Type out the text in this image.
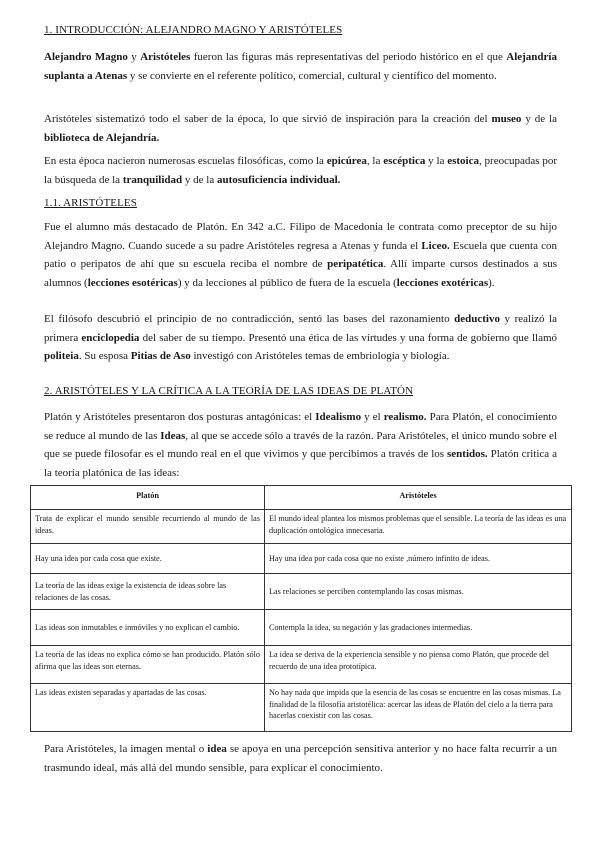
1. INTRODUCCIÓN: ALEJANDRO MAGNO Y ARISTÓTELES
Alejandro Magno y Aristóteles fueron las figuras más representativas del periodo histórico en el que Alejandría suplanta a Atenas y se convierte en el referente político, comercial, cultural y científico del momento.
Aristóteles sistematizó todo el saber de la época, lo que sirvió de inspiración para la creación del museo y de la biblioteca de Alejandría.
En esta época nacieron numerosas escuelas filosóficas, como la epicúrea, la escéptica y la estoica, preocupadas por la búsqueda de la tranquilidad y de la autosuficiencia individual.
1.1. ARISTÓTELES
Fue el alumno más destacado de Platón. En 342 a.C. Filipo de Macedonia le contrata como preceptor de su hijo Alejandro Magno. Cuando sucede a su padre Aristóteles regresa a Atenas y funda el Liceo. Escuela que cuenta con patio o peripatos de ahí que su escuela reciba el nombre de peripatética. Allí imparte cursos destinados a sus alumnos (lecciones esotéricas) y da lecciones al público de fuera de la escuela (lecciones exotéricas).
El filósofo descubrió el principio de no contradicción, sentó las bases del razonamiento deductivo y realizó la primera enciclopedia del saber de su tiempo. Presentó una ética de las virtudes y una forma de gobierno que llamó politeia. Su esposa Pitias de Aso investigó con Aristóteles temas de embriología y biología.
2. ARISTÓTELES Y LA CRÍTICA A LA TEORÍA DE LAS IDEAS DE PLATÓN
Platón y Aristóteles presentaron dos posturas antagónicas: el Idealismo y el realismo. Para Platón, el conocimiento se reduce al mundo de las Ideas, al que se accede sólo a través de la razón. Para Aristóteles, el único mundo sobre el que se puede filosofar es el mundo real en el que vivimos y que percibimos a través de los sentidos. Platón critica a la teoría platónica de las ideas:
Platón	Aristóteles
Trata de explicar el mundo sensible recurriendo al mundo de las ideas.	El mundo ideal plantea los mismos problemas que el sensible. La teoría de las ideas es una duplicación ontológica innecesaria.
Hay una idea por cada cosa que existe.	Hay una idea por cada cosa que no existe ,número infinito de ideas.
La teoría de las ideas exige la existencia de ideas sobre las relaciones de las cosas.	Las relaciones se perciben contemplando las cosas mismas.
Las ideas son inmutables e inmóviles y no explican el cambio.	Contempla la idea, su negación y las gradaciones intermedias.
La teoría de las ideas no explica cómo se han producido. Platón sólo afirma que las ideas son eternas.	La idea se deriva de la experiencia sensible y no piensa como Platón, que procede del recuerdo de una idea prototípica.
Las ideas existen separadas y apartadas de las cosas.	No hay nada que impida que la esencia de las cosas se encuentre en las cosas mismas. La finalidad de la filosofía aristotélica: acercar las ideas de Platón del cielo a la tierra para hacerlas coexistir con las cosas.
Para Aristóteles, la imagen mental o idea se apoya en una percepción sensitiva anterior y no hace falta recurrir a un trasmundo ideal, más allá del mundo sensible, para explicar el conocimiento.
